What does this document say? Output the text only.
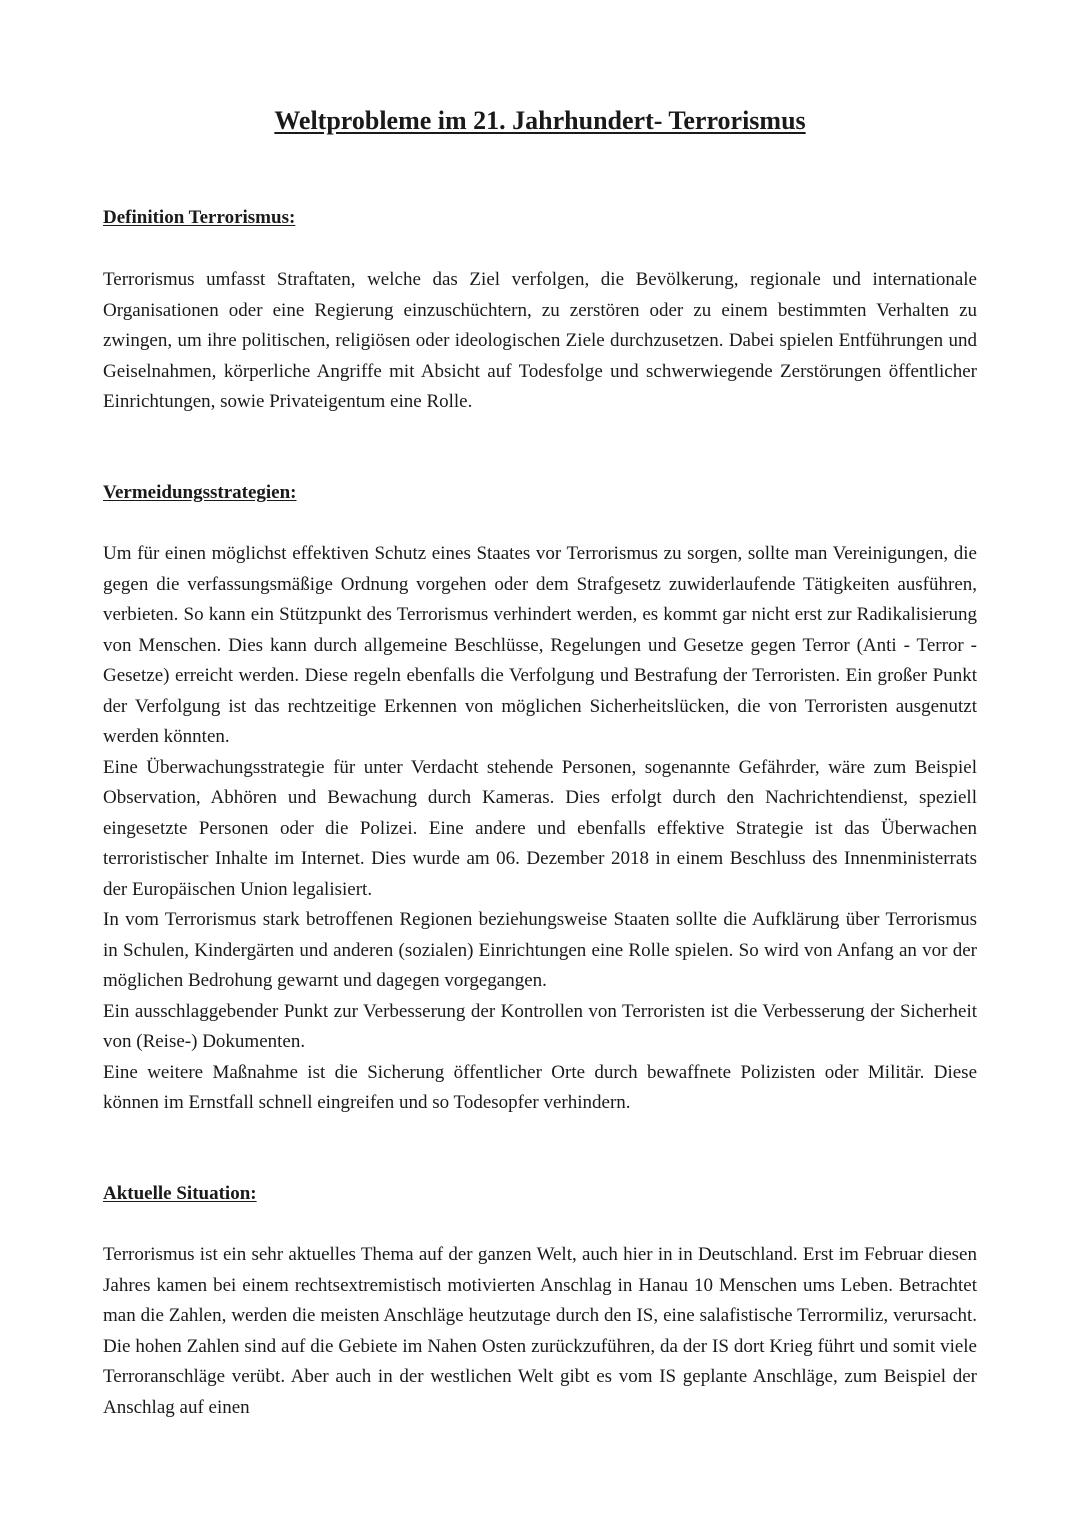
Weltprobleme im 21. Jahrhundert- Terrorismus
Definition Terrorismus:

Terrorismus umfasst Straftaten, welche das Ziel verfolgen, die Bevölkerung, regionale und internationale Organisationen oder eine Regierung einzuschüchtern, zu zerstören oder zu einem bestimmten Verhalten zu zwingen, um ihre politischen, religiösen oder ideologischen Ziele durchzusetzen. Dabei spielen Entführungen und Geiselnahmen, körperliche Angriffe mit Absicht auf Todesfolge und schwerwiegende Zerstörungen öffentlicher Einrichtungen, sowie Privateigentum eine Rolle.

Vermeidungsstrategien:

Um für einen möglichst effektiven Schutz eines Staates vor Terrorismus zu sorgen, sollte man Vereinigungen, die gegen die verfassungsmäßige Ordnung vorgehen oder dem Strafgesetz zuwiderlaufende Tätigkeiten ausführen, verbieten. So kann ein Stützpunkt des Terrorismus verhindert werden, es kommt gar nicht erst zur Radikalisierung von Menschen. Dies kann durch allgemeine Beschlüsse, Regelungen und Gesetze gegen Terror (Anti - Terror - Gesetze) erreicht werden. Diese regeln ebenfalls die Verfolgung und Bestrafung der Terroristen. Ein großer Punkt der Verfolgung ist das rechtzeitige Erkennen von möglichen Sicherheitslücken, die von Terroristen ausgenutzt werden könnten.

Eine Überwachungsstrategie für unter Verdacht stehende Personen, sogenannte Gefährder, wäre zum Beispiel Observation, Abhören und Bewachung durch Kameras. Dies erfolgt durch den Nachrichtendienst, speziell eingesetzte Personen oder die Polizei. Eine andere und ebenfalls effektive Strategie ist das Überwachen terroristischer Inhalte im Internet. Dies wurde am 06. Dezember 2018 in einem Beschluss des Innenministerrats der Europäischen Union legalisiert.

In vom Terrorismus stark betroffenen Regionen beziehungsweise Staaten sollte die Aufklärung über Terrorismus in Schulen, Kindergärten und anderen (sozialen) Einrichtungen eine Rolle spielen. So wird von Anfang an vor der möglichen Bedrohung gewarnt und dagegen vorgegangen.

Ein ausschlaggebender Punkt zur Verbesserung der Kontrollen von Terroristen ist die Verbesserung der Sicherheit von (Reise-) Dokumenten.

Eine weitere Maßnahme ist die Sicherung öffentlicher Orte durch bewaffnete Polizisten oder Militär. Diese können im Ernstfall schnell eingreifen und so Todesopfer verhindern.

Aktuelle Situation:

Terrorismus ist ein sehr aktuelles Thema auf der ganzen Welt, auch hier in in Deutschland. Erst im Februar diesen Jahres kamen bei einem rechtsextremistisch motivierten Anschlag in Hanau 10 Menschen ums Leben. Betrachtet man die Zahlen, werden die meisten Anschläge heutzutage durch den IS, eine salafistische Terrormiliz, verursacht. Die hohen Zahlen sind auf die Gebiete im Nahen Osten zurückzuführen, da der IS dort Krieg führt und somit viele Terroranschläge verübt. Aber auch in der westlichen Welt gibt es vom IS geplante Anschläge, zum Beispiel der Anschlag auf einen
